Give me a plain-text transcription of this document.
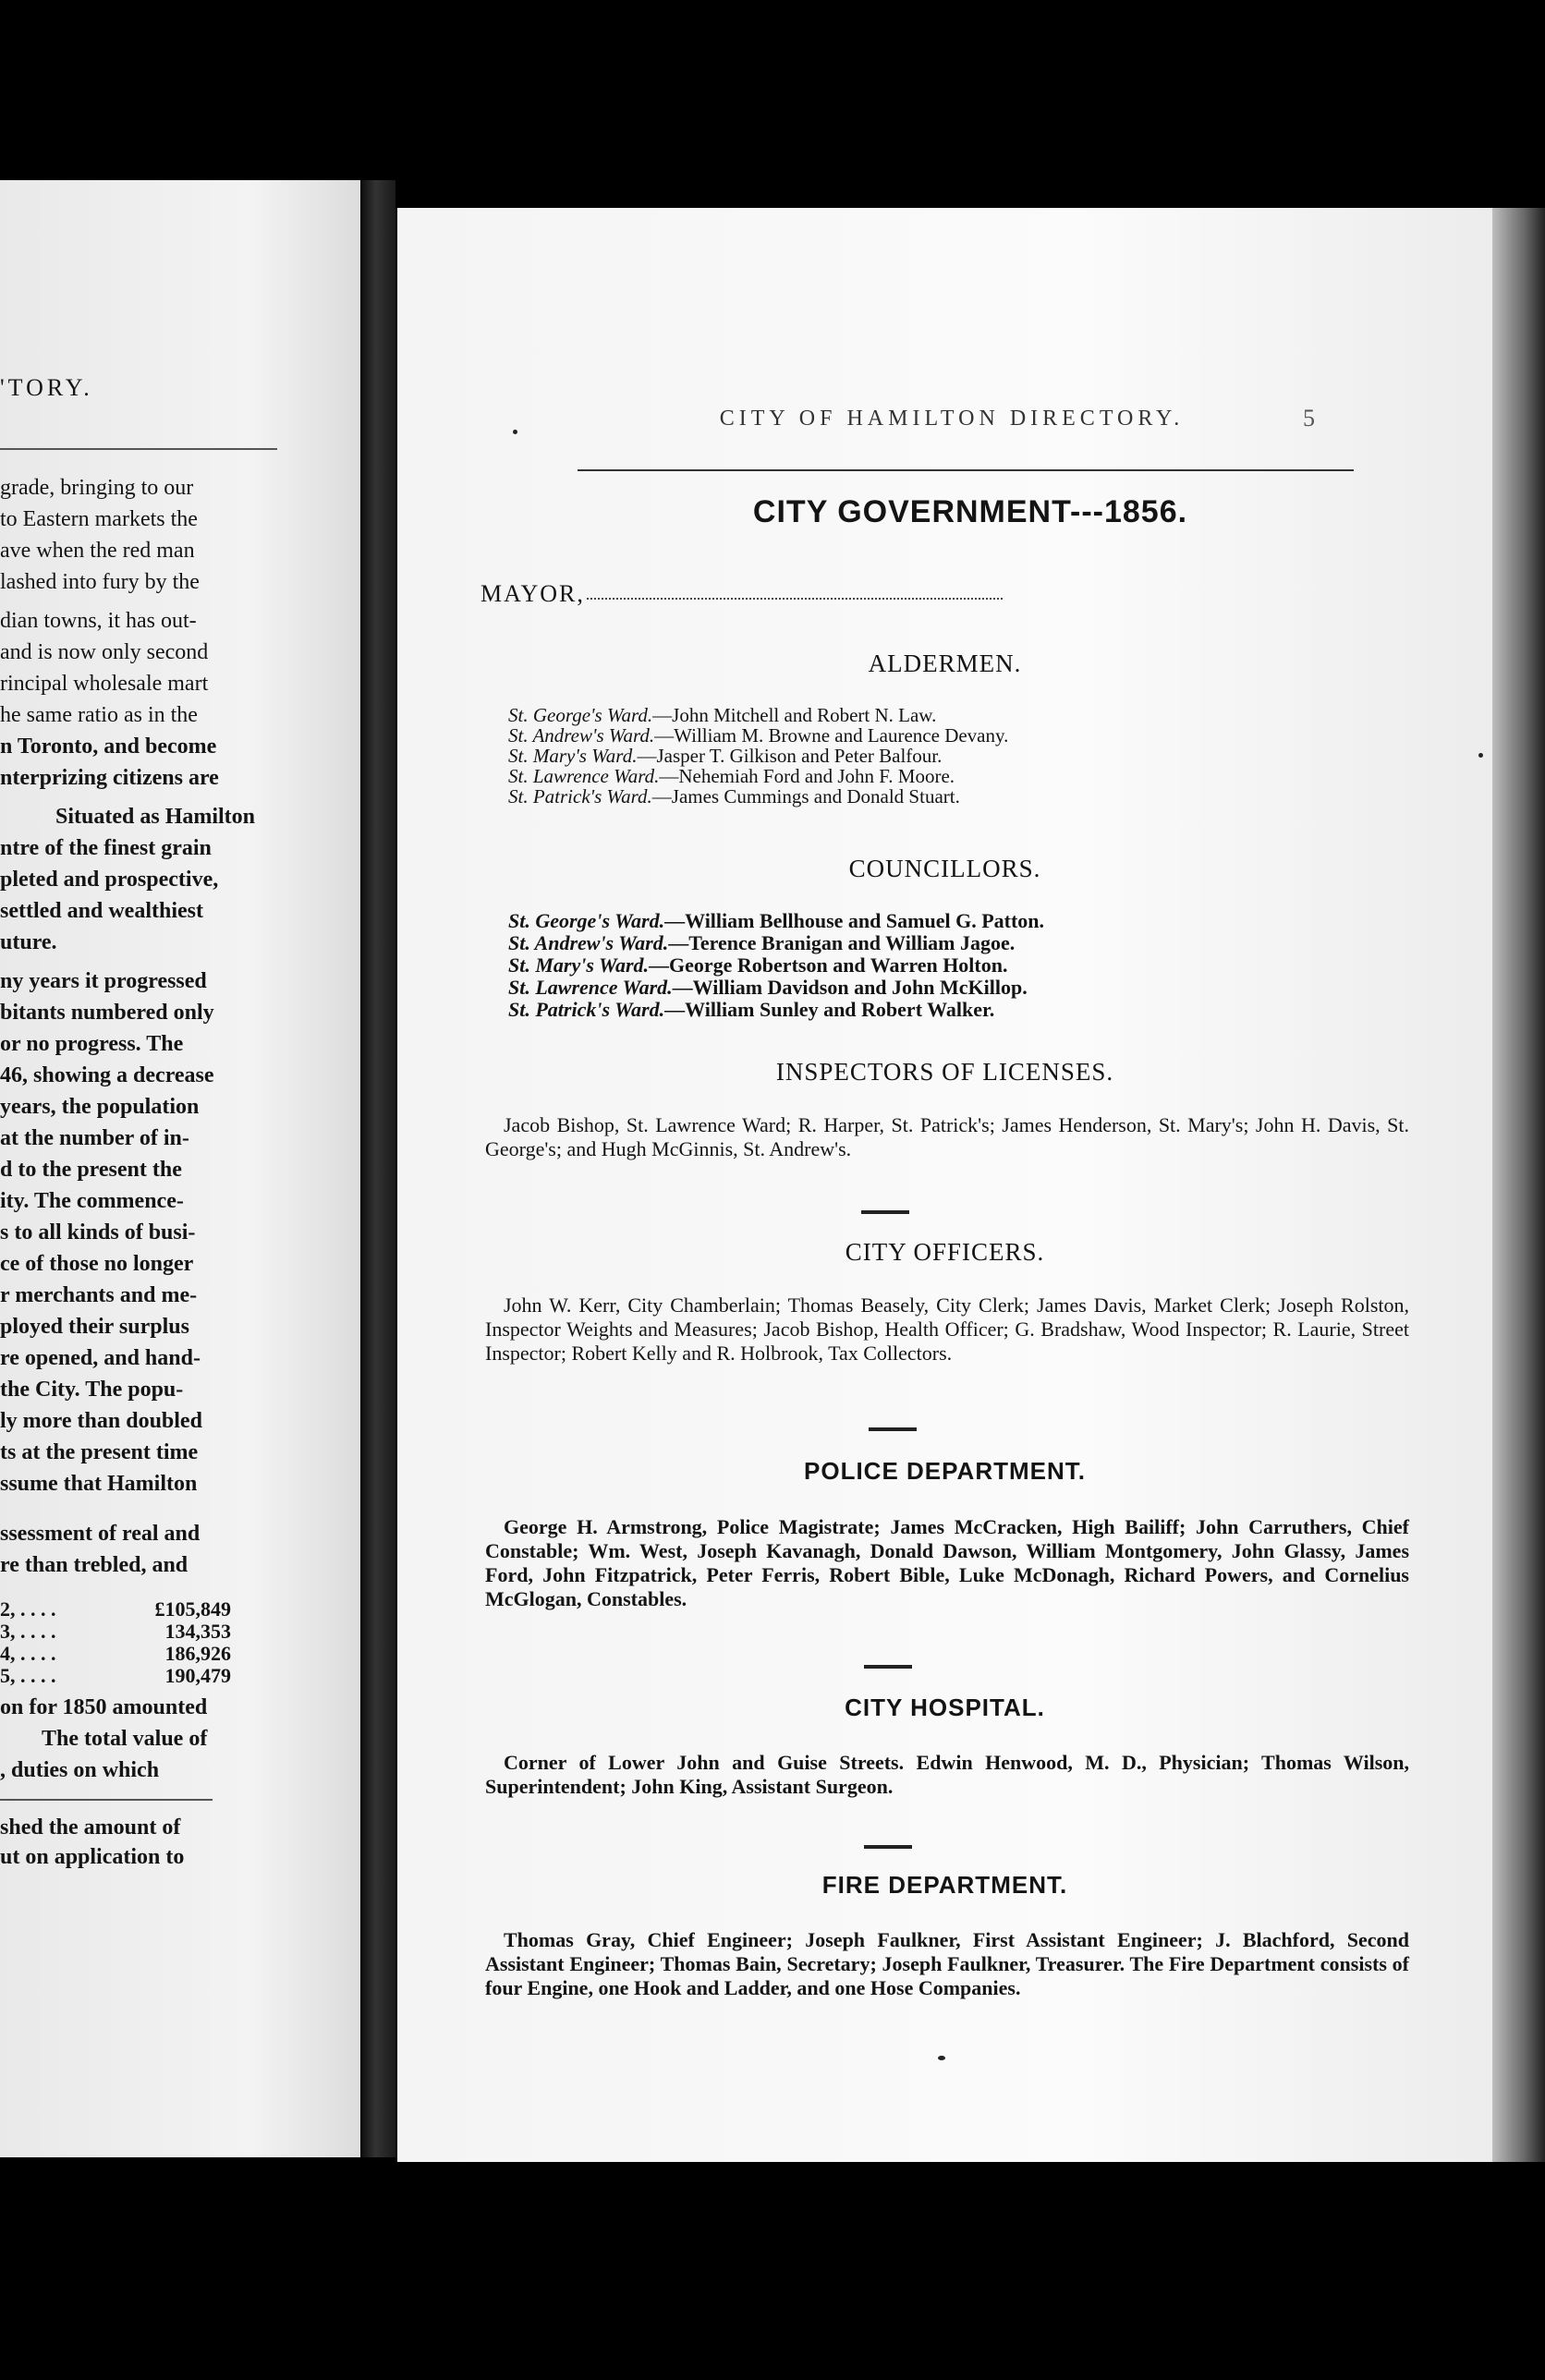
'TORY.
grade, bringing to our
to Eastern markets the
ave when the red man
lashed into fury by the
dian towns, it has out-
and is now only second
rincipal wholesale mart
he same ratio as in the
n Toronto, and become
nterprizing citizens are
Situated as Hamilton
ntre of the finest grain
pleted and prospective,
settled and wealthiest
uture.
ny years it progressed
bitants numbered only
or no progress. The
46, showing a decrease
years, the population
at the number of in-
d to the present the
ity. The commence-
s to all kinds of busi-
ce of those no longer
r merchants and me-
ployed their surplus
re opened, and hand-
the City. The popu-
ly more than doubled
ts at the present time
ssume that Hamilton
ssessment of real and
re than trebled, and
2, . . . .	£105,849
3, . . . .	134,353
4, . . . .	186,926
5, . . . .	190,479
on for 1850 amounted
The total value of
, duties on which
shed the amount of
ut on application to
CITY OF HAMILTON DIRECTORY.	5
CITY GOVERNMENT---1856.
MAYOR,
ALDERMEN.
St. George's Ward.—John Mitchell and Robert N. Law.
St. Andrew's Ward.—William M. Browne and Laurence Devany.
St. Mary's Ward.—Jasper T. Gilkison and Peter Balfour.
St. Lawrence Ward.—Nehemiah Ford and John F. Moore.
St. Patrick's Ward.—James Cummings and Donald Stuart.
COUNCILLORS.
St. George's Ward.—William Bellhouse and Samuel G. Patton.
St. Andrew's Ward.—Terence Branigan and William Jagoe.
St. Mary's Ward.—George Robertson and Warren Holton.
St. Lawrence Ward.—William Davidson and John McKillop.
St. Patrick's Ward.—William Sunley and Robert Walker.
INSPECTORS OF LICENSES.
Jacob Bishop, St. Lawrence Ward; R. Harper, St. Patrick's; James Henderson, St. Mary's; John H. Davis, St. George's; and Hugh McGinnis, St. Andrew's.
CITY OFFICERS.
John W. Kerr, City Chamberlain; Thomas Beasely, City Clerk; James Davis, Market Clerk; Joseph Rolston, Inspector Weights and Measures; Jacob Bishop, Health Officer; G. Bradshaw, Wood Inspector; R. Laurie, Street Inspector; Robert Kelly and R. Holbrook, Tax Collectors.
POLICE DEPARTMENT.
George H. Armstrong, Police Magistrate; James McCracken, High Bailiff; John Carruthers, Chief Constable; Wm. West, Joseph Kavanagh, Donald Dawson, William Montgomery, John Glassy, James Ford, John Fitzpatrick, Peter Ferris, Robert Bible, Luke McDonagh, Richard Powers, and Cornelius McGlogan, Constables.
CITY HOSPITAL.
Corner of Lower John and Guise Streets. Edwin Henwood, M. D., Physician; Thomas Wilson, Superintendent; John King, Assistant Surgeon.
FIRE DEPARTMENT.
Thomas Gray, Chief Engineer; Joseph Faulkner, First Assistant Engineer; J. Blachford, Second Assistant Engineer; Thomas Bain, Secretary; Joseph Faulkner, Treasurer. The Fire Department consists of four Engine, one Hook and Ladder, and one Hose Companies.
